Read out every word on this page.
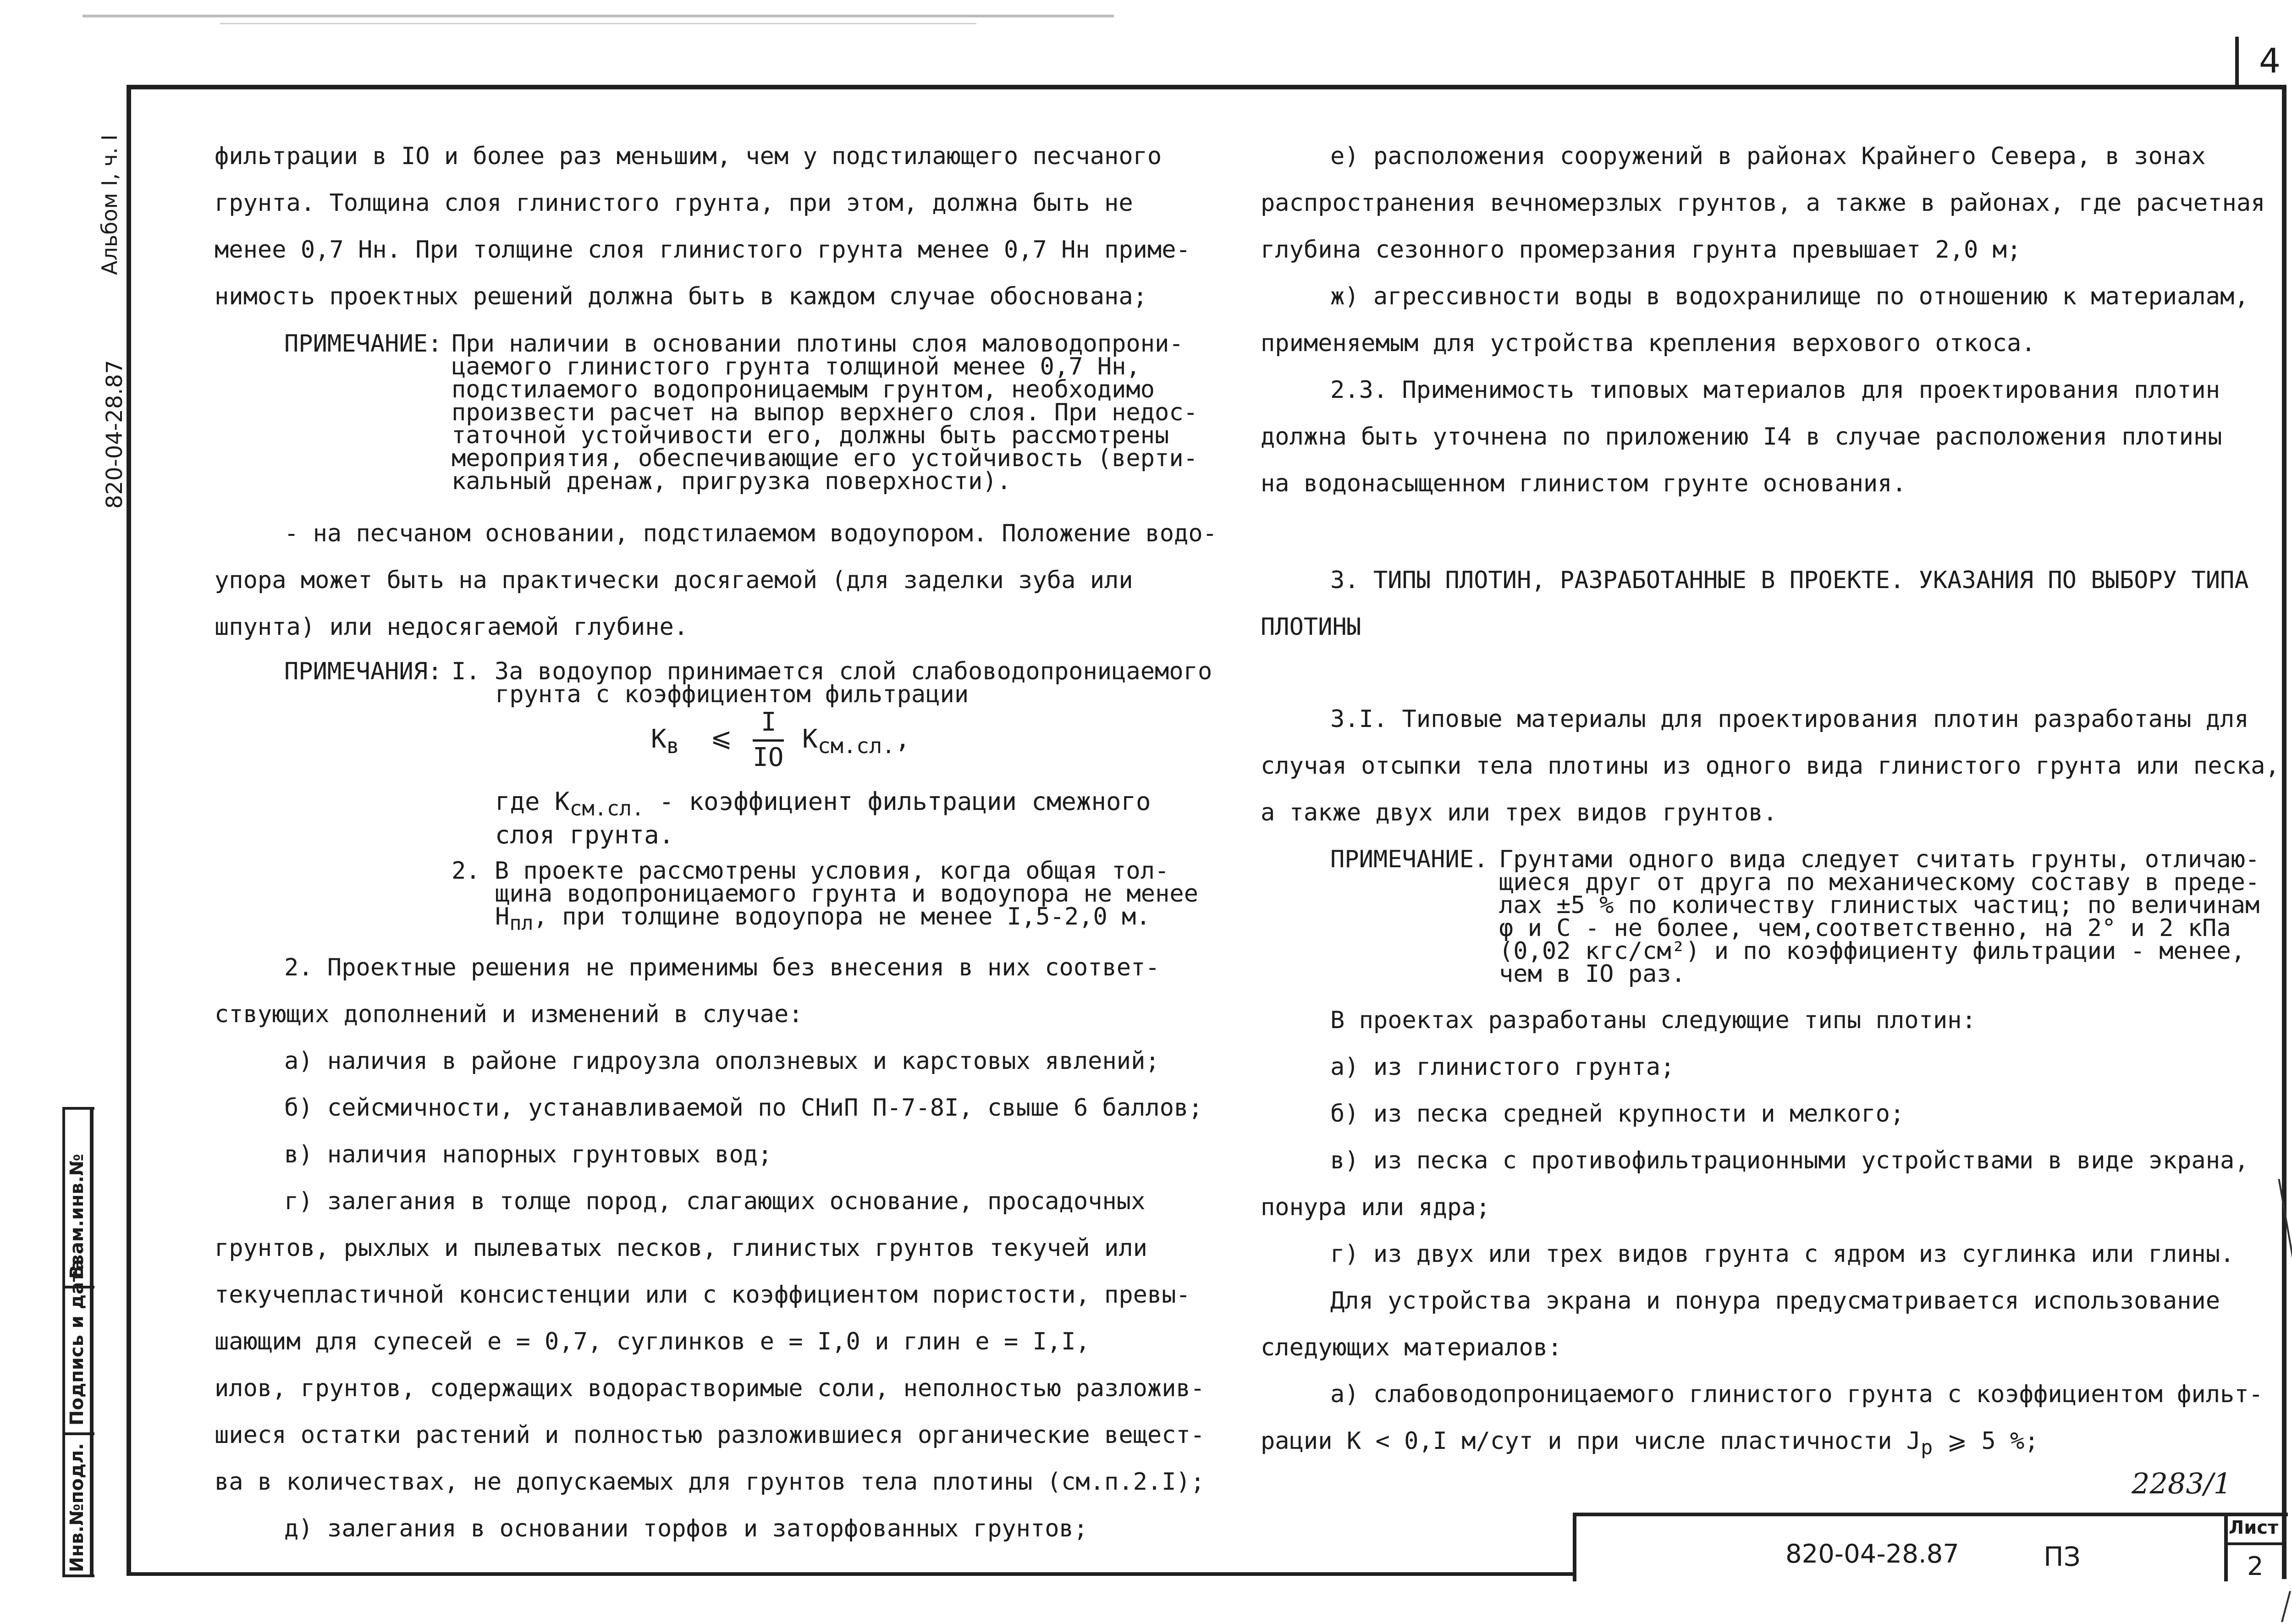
4
Альбом I, ч. I
820-04-28.87
Инв.№подл.
Подпись и дата
Взам.инв.№
фильтрации в IO и более раз меньшим, чем у подстилающего песчаного
грунта. Толщина слоя глинистого грунта, при этом, должна быть не
менее 0,7 Нн. При толщине слоя глинистого грунта менее 0,7 Нн приме-
нимость проектных решений должна быть в каждом случае обоснована;
ПРИМЕЧАНИЕ: При наличии в основании плотины слоя маловодопрони-
цаемого глинистого грунта толщиной менее 0,7 Нн,
подстилаемого водопроницаемым грунтом, необходимо
произвести расчет на выпор верхнего слоя. При недос-
таточной устойчивости его, должны быть рассмотрены
мероприятия, обеспечивающие его устойчивость (верти-
кальный дренаж, пригрузка поверхности).
- на песчаном основании, подстилаемом водоупором. Положение водо-
упора может быть на практически досягаемой (для заделки зуба или
шпунта) или недосягаемой глубине.
ПРИМЕЧАНИЯ: I. За водоупор принимается слой слабоводопроницаемого
грунта с коэффициентом фильтрации
$К_в$ ⩽
I
IO
$К_{см.сл.}$,
где $К_{см.сл.}$ - коэффициент фильтрации смежного
слоя грунта.
2. В проекте рассмотрены условия, когда общая тол-
щина водопроницаемого грунта и водоупора не менее
$Н_{пл}$, при толщине водоупора не менее I,5-2,0 м.
2. Проектные решения не применимы без внесения в них соответ-
ствующих дополнений и изменений в случае:
а) наличия в районе гидроузла оползневых и карстовых явлений;
б) сейсмичности, устанавливаемой по СНиП П-7-8I, свыше 6 баллов;
в) наличия напорных грунтовых вод;
г) залегания в толще пород, слагающих основание, просадочных
грунтов, рыхлых и пылеватых песков, глинистых грунтов текучей или
текучепластичной консистенции или с коэффициентом пористости, превы-
шающим для супесей е = 0,7, суглинков е = I,0 и глин е = I,I,
илов, грунтов, содержащих водорастворимые соли, неполностью разложив-
шиеся остатки растений и полностью разложившиеся органические вещест-
ва в количествах, не допускаемых для грунтов тела плотины (см.п.2.I);
д) залегания в основании торфов и заторфованных грунтов;
е) расположения сооружений в районах Крайнего Севера, в зонах
распространения вечномерзлых грунтов, а также в районах, где расчетная
глубина сезонного промерзания грунта превышает 2,0 м;
ж) агрессивности воды в водохранилище по отношению к материалам,
применяемым для устройства крепления верхового откоса.
2.3. Применимость типовых материалов для проектирования плотин
должна быть уточнена по приложению I4 в случае расположения плотины
на водонасыщенном глинистом грунте основания.
3. ТИПЫ ПЛОТИН, РАЗРАБОТАННЫЕ В ПРОЕКТЕ. УКАЗАНИЯ ПО ВЫБОРУ ТИПА
ПЛОТИНЫ
3.I. Типовые материалы для проектирования плотин разработаны для
случая отсыпки тела плотины из одного вида глинистого грунта или песка,
а также двух или трех видов грунтов.
ПРИМЕЧАНИЕ. Грунтами одного вида следует считать грунты, отличаю-
щиеся друг от друга по механическому составу в преде-
лах ±5 % по количеству глинистых частиц; по величинам
φ и С - не более, чем,соответственно, на 2° и 2 кПа
(0,02 кгс/см²) и по коэффициенту фильтрации - менее,
чем в IO раз.
В проектах разработаны следующие типы плотин:
а) из глинистого грунта;
б) из песка средней крупности и мелкого;
в) из песка с противофильтрационными устройствами в виде экрана,
понура или ядра;
г) из двух или трех видов грунта с ядром из суглинка или глины.
Для устройства экрана и понура предусматривается использование
следующих материалов:
а) слабоводопроницаемого глинистого грунта с коэффициентом фильт-
рации К < 0,I м/сут и при числе пластичности $J_р$ ⩾ 5 %;
2283/1
820-04-28.87	ПЗ
Лист
2
